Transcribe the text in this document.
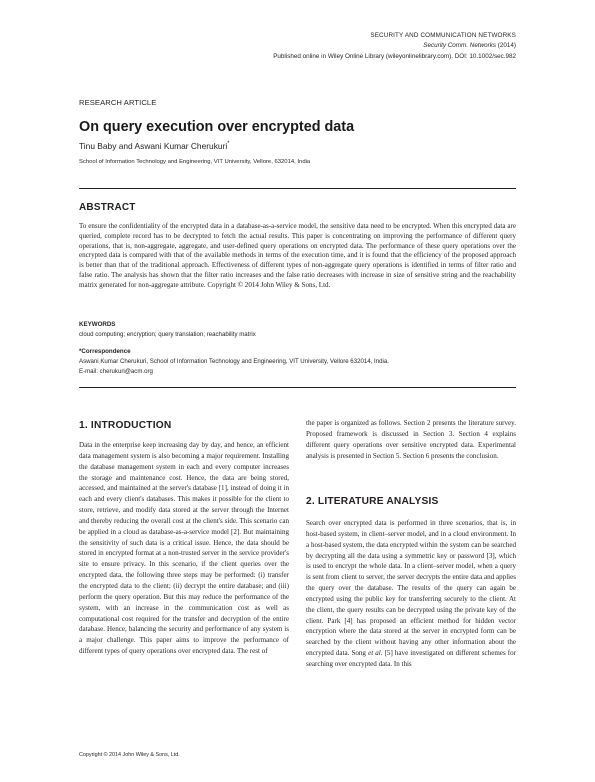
SECURITY AND COMMUNICATION NETWORKS
Security Comm. Networks (2014)
Published online in Wiley Online Library (wileyonlinelibrary.com). DOI: 10.1002/sec.982
RESEARCH ARTICLE
On query execution over encrypted data
Tinu Baby and Aswani Kumar Cherukuri*
School of Information Technology and Engineering, VIT University, Vellore, 632014, India
ABSTRACT
To ensure the confidentiality of the encrypted data in a database-as-a-service model, the sensitive data need to be encrypted. When this encrypted data are queried, complete record has to be decrypted to fetch the actual results. This paper is concentrating on improving the performance of different query operations, that is, non-aggregate, aggregate, and user-defined query operations on encrypted data. The performance of these query operations over the encrypted data is compared with that of the available methods in terms of the execution time, and it is found that the efficiency of the proposed approach is better than that of the traditional approach. Effectiveness of different types of non-aggregate query operations is identified in terms of filter ratio and false ratio. The analysis has shown that the filter ratio increases and the false ratio decreases with increase in size of sensitive string and the reachability matrix generated for non-aggregate attribute. Copyright © 2014 John Wiley & Sons, Ltd.
KEYWORDS
cloud computing; encryption; query translation; reachability matrix
*Correspondence
Aswani Kumar Cherukuri, School of Information Technology and Engineering, VIT University, Vellore 632014, India.
E-mail: cherukuri@acm.org
1. INTRODUCTION
Data in the enterprise keep increasing day by day, and hence, an efficient data management system is also becoming a major requirement. Installing the database management system in each and every computer increases the storage and maintenance cost. Hence, the data are being stored, accessed, and maintained at the server's database [1], instead of doing it in each and every client's databases. This makes it possible for the client to store, retrieve, and modify data stored at the server through the Internet and thereby reducing the overall cost at the client's side. This scenario can be applied in a cloud as database-as-a-service model [2]. But maintaining the sensitivity of such data is a critical issue. Hence, the data should be stored in encrypted format at a non-trusted server in the service provider's site to ensure privacy. In this scenario, if the client queries over the encrypted data, the following three steps may be performed: (i) transfer the encrypted data to the client; (ii) decrypt the entire database; and (iii) perform the query operation. But this may reduce the performance of the system, with an increase in the communication cost as well as computational cost required for the transfer and decryption of the entire database. Hence, balancing the security and performance of any system is a major challenge. This paper aims to improve the performance of different types of query operations over encrypted data. The rest of
the paper is organized as follows. Section 2 presents the literature survey. Proposed framework is discussed in Section 3. Section 4 explains different query operations over sensitive encrypted data. Experimental analysis is presented in Section 5. Section 6 presents the conclusion.
2. LITERATURE ANALYSIS
Search over encrypted data is performed in three scenarios, that is, in host-based system, in client–server model, and in a cloud environment. In a host-based system, the data encrypted within the system can be searched by decrypting all the data using a symmetric key or password [3], which is used to encrypt the whole data. In a client–server model, when a query is sent from client to server, the server decrypts the entire data and applies the query over the database. The results of the query can again be encrypted using the public key for transferring securely to the client. At the client, the query results can be decrypted using the private key of the client. Park [4] has proposed an efficient method for hidden vector encryption where the data stored at the server in encrypted form can be searched by the client without having any other information about the encrypted data. Song et al. [5] have investigated on different schemes for searching over encrypted data. In this
Copyright © 2014 John Wiley & Sons, Ltd.
